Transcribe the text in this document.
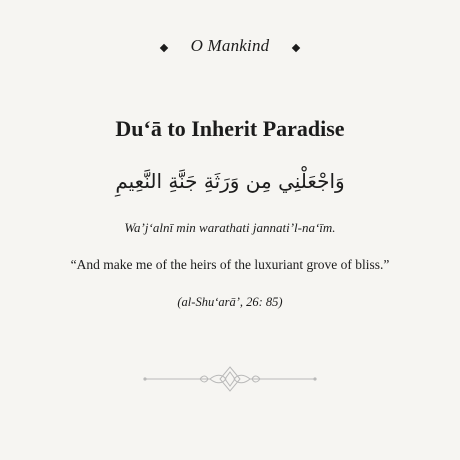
O Mankind
Du‘ā to Inherit Paradise
وَاجْعَلْنِي مِن وَرَثَةِ جَنَّةِ النَّعِيمِ
Wa’j‘alnī min warathati jannati’l-na‘īm.
“And make me of the heirs of the luxuriant grove of bliss.”
(al-Shu‘arā’, 26: 85)
